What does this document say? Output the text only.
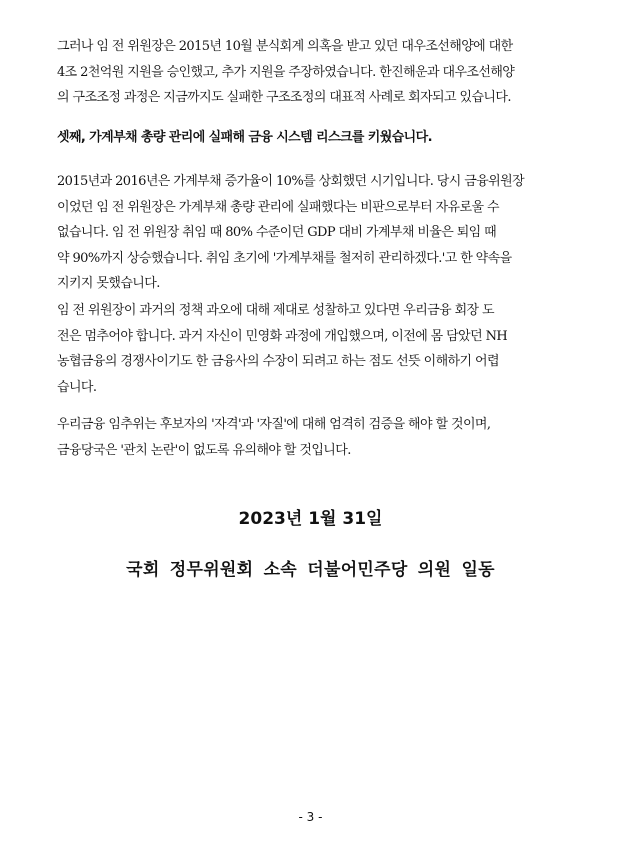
그러나 임 전 위원장은 2015년 10월 분식회계 의혹을 받고 있던 대우조선해양에 대한
4조 2천억원 지원을 승인했고, 추가 지원을 주장하였습니다. 한진해운과 대우조선해양
의 구조조정 과정은 지금까지도 실패한 구조조정의 대표적 사례로 회자되고 있습니다.
셋째, 가계부채 총량 관리에 실패해 금융 시스템 리스크를 키웠습니다.
2015년과 2016년은 가계부채 증가율이 10%를 상회했던 시기입니다. 당시 금융위원장
이었던 임 전 위원장은 가계부채 총량 관리에 실패했다는 비판으로부터 자유로울 수
없습니다. 임 전 위원장 취임 때 80% 수준이던 GDP 대비 가계부채 비율은 퇴임 때
약 90%까지 상승했습니다. 취임 초기에 '가계부채를 철저히 관리하겠다.'고 한 약속을
지키지 못했습니다.
임 전 위원장이 과거의 정책 과오에 대해 제대로 성찰하고 있다면 우리금융 회장 도
전은 멈추어야 합니다. 과거 자신이 민영화 과정에 개입했으며, 이전에 몸 담았던 NH
농협금융의 경쟁사이기도 한 금융사의 수장이 되려고 하는 점도 선뜻 이해하기 어렵
습니다.
우리금융 임추위는 후보자의 '자격'과 '자질'에 대해 엄격히 검증을 해야 할 것이며,
금융당국은 '관치 논란'이 없도록 유의해야 할 것입니다.
2023년 1월 31일
국회 정무위원회 소속 더불어민주당 의원 일동
- 3 -
